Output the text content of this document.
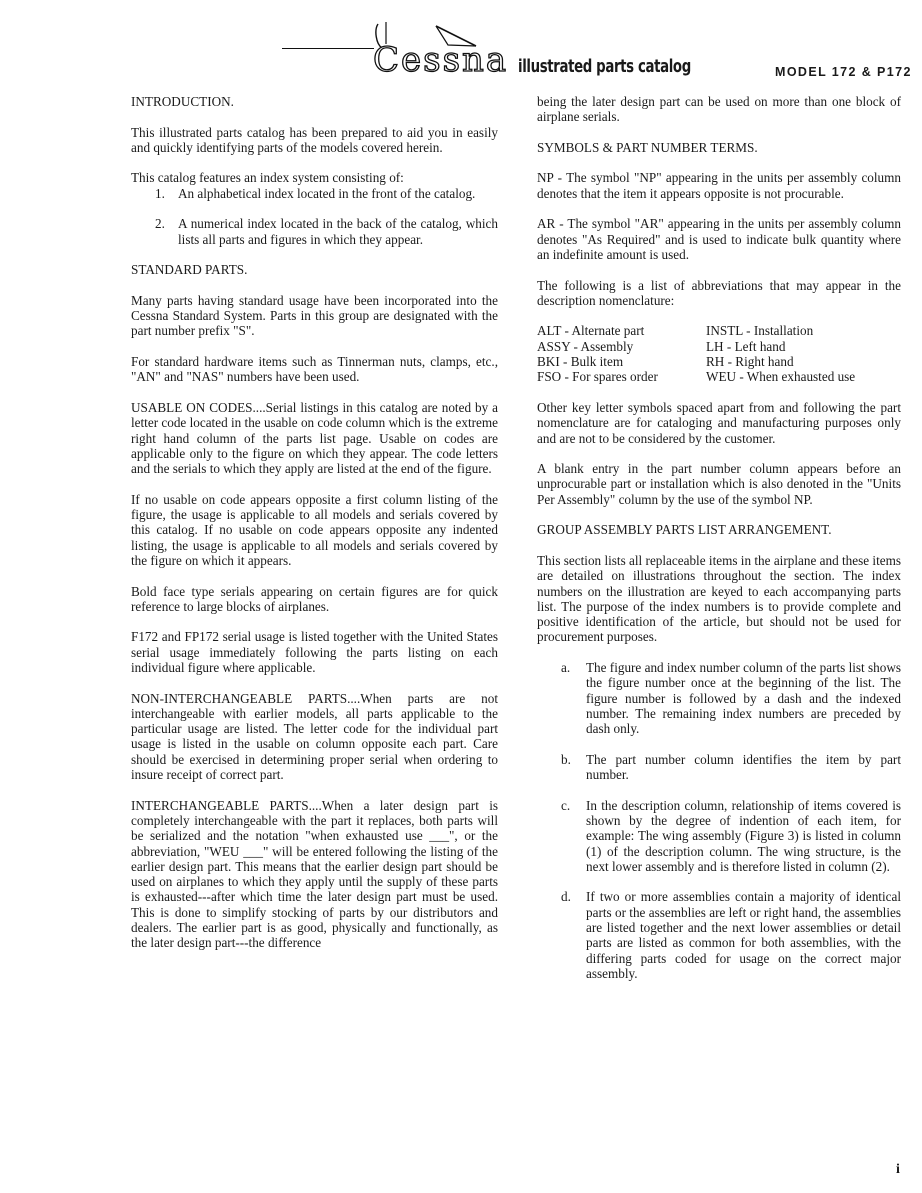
Cessna illustrated parts catalog	MODEL 172 & P172

INTRODUCTION.

This illustrated parts catalog has been prepared to aid you in easily and quickly identifying parts of the models covered herein.

This catalog features an index system consisting of:

1. An alphabetical index located in the front of the catalog.
2. A numerical index located in the back of the catalog, which lists all parts and figures in which they appear.

STANDARD PARTS.

Many parts having standard usage have been incorporated into the Cessna Standard System. Parts in this group are designated with the part number prefix "S".

For standard hardware items such as Tinnerman nuts, clamps, etc., "AN" and "NAS" numbers have been used.

USABLE ON CODES....Serial listings in this catalog are noted by a letter code located in the usable on code column which is the extreme right hand column of the parts list page. Usable on codes are applicable only to the figure on which they appear. The code letters and the serials to which they apply are listed at the end of the figure.

If no usable on code appears opposite a first column listing of the figure, the usage is applicable to all models and serials covered by this catalog. If no usable on code appears opposite any indented listing, the usage is applicable to all models and serials covered by the figure on which it appears.

Bold face type serials appearing on certain figures are for quick reference to large blocks of airplanes.

F172 and FP172 serial usage is listed together with the United States serial usage immediately following the parts listing on each individual figure where applicable.

NON-INTERCHANGEABLE PARTS....When parts are not interchangeable with earlier models, all parts applicable to the particular usage are listed. The letter code for the individual part usage is listed in the usable on column opposite each part. Care should be exercised in determining proper serial when ordering to insure receipt of correct part.

INTERCHANGEABLE PARTS....When a later design part is completely interchangeable with the part it replaces, both parts will be serialized and the notation "when exhausted use ___", or the abbreviation, "WEU ___" will be entered following the listing of the earlier design part. This means that the earlier design part should be used on airplanes to which they apply until the supply of these parts is exhausted---after which time the later design part must be used. This is done to simplify stocking of parts by our distributors and dealers. The earlier part is as good, physically and functionally, as the later design part---the difference

being the later design part can be used on more than one block of airplane serials.

SYMBOLS & PART NUMBER TERMS.

NP - The symbol "NP" appearing in the units per assembly column denotes that the item it appears opposite is not procurable.

AR - The symbol "AR" appearing in the units per assembly column denotes "As Required" and is used to indicate bulk quantity where an indefinite amount is used.

The following is a list of abbreviations that may appear in the description nomenclature:

ALT - Alternate part	INSTL - Installation
ASSY - Assembly	LH - Left hand
BKI - Bulk item	RH - Right hand
FSO - For spares order	WEU - When exhausted use

Other key letter symbols spaced apart from and following the part nomenclature are for cataloging and manufacturing purposes only and are not to be considered by the customer.

A blank entry in the part number column appears before an unprocurable part or installation which is also denoted in the "Units Per Assembly" column by the use of the symbol NP.

GROUP ASSEMBLY PARTS LIST ARRANGEMENT.

This section lists all replaceable items in the airplane and these items are detailed on illustrations throughout the section. The index numbers on the illustration are keyed to each accompanying parts list. The purpose of the index numbers is to provide complete and positive identification of the article, but should not be used for procurement purposes.

a. The figure and index number column of the parts list shows the figure number once at the beginning of the list. The figure number is followed by a dash and the indexed number. The remaining index numbers are preceded by dash only.
b. The part number column identifies the item by part number.
c. In the description column, relationship of items covered is shown by the degree of indention of each item, for example: The wing assembly (Figure 3) is listed in column (1) of the description column. The wing structure, is the next lower assembly and is therefore listed in column (2).
d. If two or more assemblies contain a majority of identical parts or the assemblies are left or right hand, the assemblies are listed together and the next lower assemblies or detail parts are listed as common for both assemblies, with the differing parts coded for usage on the correct major assembly.
i
